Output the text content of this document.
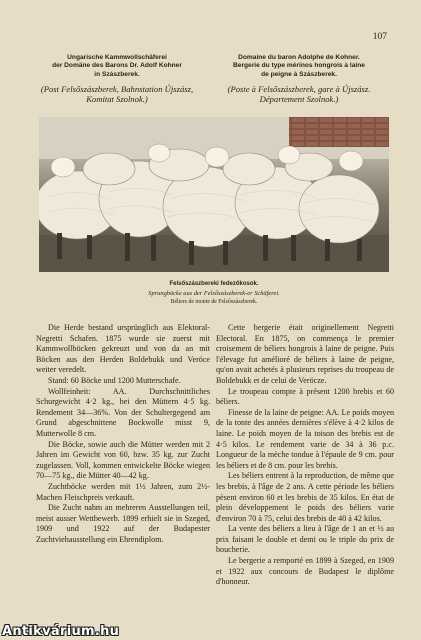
107
Ungarische Kammwollschäferei
der Domäne des Barons Dr. Adolf Kohner
in Szászberek.
(Post Felsőszászberek, Bahnstation Újszász,
Komitat Szolnok.)
Domaine du baron Adolphe de Kohner.
Bergerie du type mérinos hongrois à laine
de peigne à Szászberek.
(Poste à Felsőszászberek, gare à Újszász.
Département Szolnok.)
Felsőszászbereki fedezőkosok.
Sprungböcke aus der Felsőszászberek-er Schäferei.
Béliers de monte de Felsőszászberek.

Die Herde bestand ursprünglich aus Elektoral-Negretti Schafen. 1875 wurde sie zuerst mit Kammwollböcken gekreuzt und von da an mit Böcken aus den Herden Boldebukk und Veröce weiter veredelt.

Stand: 60 Böcke und 1200 Mutterschafe.

Wollfeinheit: AA. Durchschnittliches Schurgewicht 4·2 kg., bei den Müttern 4·5 kg. Rendement 34—36%. Von der Schultergegend am Grund abgeschnittene Bockwolle misst 9, Mutterwolle 8 cm.

Die Böcke, sowie auch die Mütter werden mit 2 Jahren im Gewicht von 60, bzw. 35 kg. zur Zucht zugelassen. Voll, kommen entwickelte Böcke wiegen 70—75 kg., die Mütter 40—42 kg.

Zuchtböcke werden mit 1½ Jahren, zum 2½-Machen Fleischpreis verkauft.

Die Zucht nahm an mehreren Ausstellungen teil, meist ausser Wettbewerb. 1899 erhielt sie in Szeged, 1909 und 1922 auf der Budapester Zuchtviehausstellung ein Ehrendiplom.

Cette bergerie était originellement Negretti Electoral. En 1875, on commença le premier croisement de béliers hongrois à laine de peigne. Puis l'élevage fut amélioré de béliers à laine de peigne, qu'on avait achetés à plusieurs reprises du troupeau de Boldebukk et de celui de Veröcze.

Le troupeau compte à présent 1200 brebis et 60 béliers.

Finesse de la laine de peigne: AA. Le poids moyen de la tonte des années dernières s'élève à 4·2 kilos de laine. Le poids moyen de la toison des brebis est de 4·5 kilos. Le rendement varie de 34 à 36 p.c. Longueur de la mèche tondue à l'épaule de 9 cm. pour les béliers et de 8 cm. pour les brebis.

Les béliers entrent à la reproduction, de même que les brebis, à l'âge de 2 ans. A cette période les béliers pèsent environ 60 et les brebis de 35 kilos. En état de plein développement le poids des béliers varie d'environ 70 à 75, celui des brebis de 40 à 42 kilos.

La vente des béliers a lieu à l'âge de 1 an et ½ au prix faisant le double et demi ou le triple du prix de boucherie.

Le bergerie a remporté en 1899 à Szeged, en 1909 et 1922 aux concours de Budapest le diplôme d'honneur.

Antikvárium.hu
